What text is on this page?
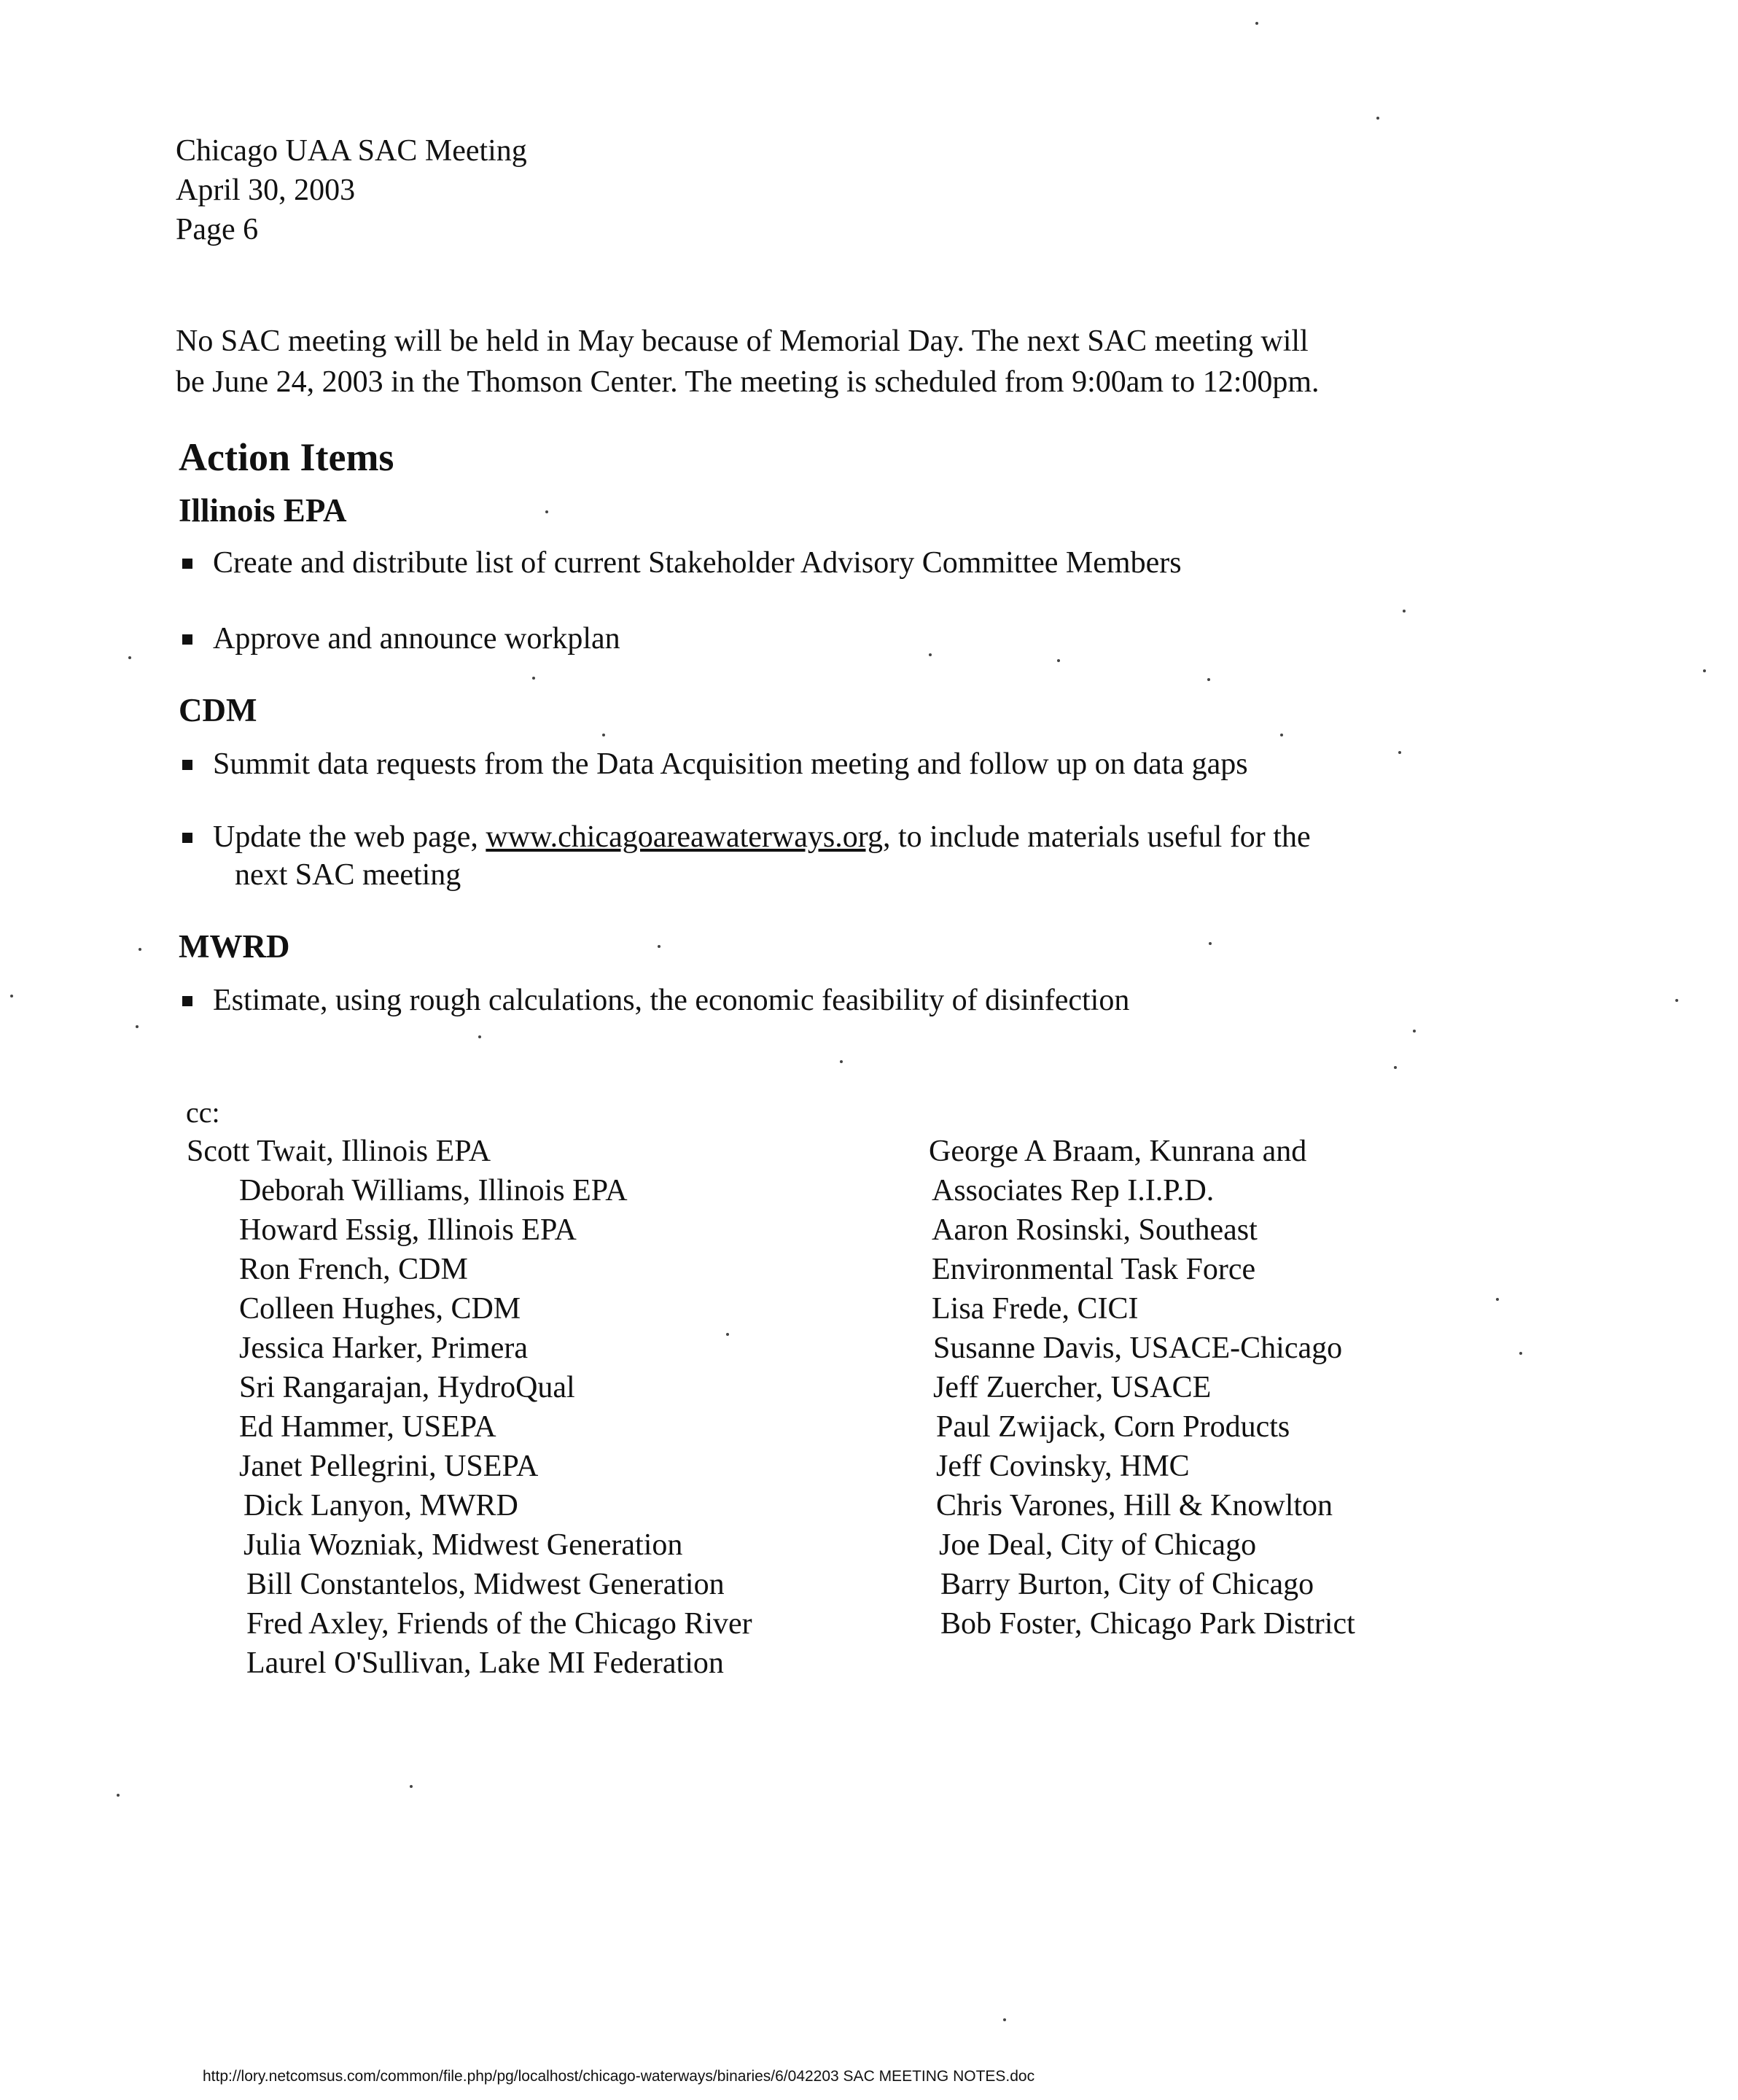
Chicago UAA SAC Meeting
April 30, 2003
Page 6
No SAC meeting will be held in May because of Memorial Day. The next SAC meeting will
be June 24, 2003 in the Thomson Center. The meeting is scheduled from 9:00am to 12:00pm.
Action Items
Illinois EPA
Create and distribute list of current Stakeholder Advisory Committee Members
Approve and announce workplan
CDM
Summit data requests from the Data Acquisition meeting and follow up on data gaps
Update the web page, www.chicagoareawaterways.org, to include materials useful for the
next SAC meeting
MWRD
Estimate, using rough calculations, the economic feasibility of disinfection
cc:
Scott Twait, Illinois EPA
Deborah Williams, Illinois EPA
Howard Essig, Illinois EPA
Ron French, CDM
Colleen Hughes, CDM
Jessica Harker, Primera
Sri Rangarajan, HydroQual
Ed Hammer, USEPA
Janet Pellegrini, USEPA
Dick Lanyon, MWRD
Julia Wozniak, Midwest Generation
Bill Constantelos, Midwest Generation
Fred Axley, Friends of the Chicago River
Laurel O'Sullivan, Lake MI Federation
George A Braam, Kunrana and
Associates Rep I.I.P.D.
Aaron Rosinski, Southeast
Environmental Task Force
Lisa Frede, CICI
Susanne Davis, USACE-Chicago
Jeff Zuercher, USACE
Paul Zwijack, Corn Products
Jeff Covinsky, HMC
Chris Varones, Hill & Knowlton
Joe Deal, City of Chicago
Barry Burton, City of Chicago
Bob Foster, Chicago Park District
http://lory.netcomsus.com/common/file.php/pg/localhost/chicago-waterways/binaries/6/042203 SAC MEETING NOTES.doc
